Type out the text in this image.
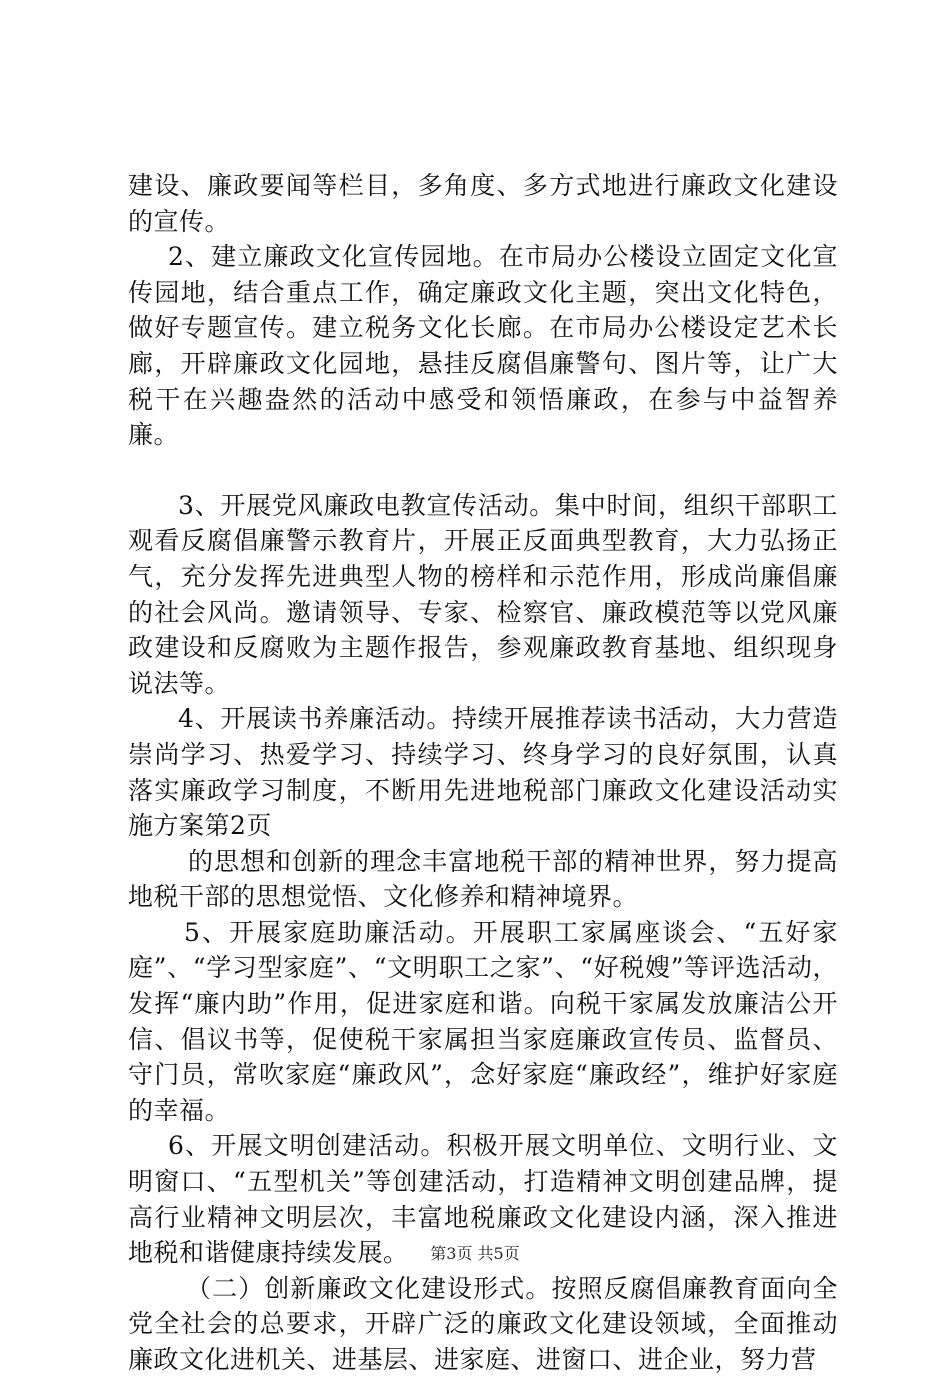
建设、廉政要闻等栏目，多角度、多方式地进行廉政文化建设的宣传。

2、建立廉政文化宣传园地。在市局办公楼设立固定文化宣传园地，结合重点工作，确定廉政文化主题，突出文化特色，做好专题宣传。建立税务文化长廊。在市局办公楼设定艺术长廊，开辟廉政文化园地，悬挂反腐倡廉警句、图片等，让广大税干在兴趣盎然的活动中感受和领悟廉政，在参与中益智养廉。

3、开展党风廉政电教宣传活动。集中时间，组织干部职工观看反腐倡廉警示教育片，开展正反面典型教育，大力弘扬正气，充分发挥先进典型人物的榜样和示范作用，形成尚廉倡廉的社会风尚。邀请领导、专家、检察官、廉政模范等以党风廉政建设和反腐败为主题作报告，参观廉政教育基地、组织现身说法等。

4、开展读书养廉活动。持续开展推荐读书活动，大力营造崇尚学习、热爱学习、持续学习、终身学习的良好氛围，认真落实廉政学习制度，不断用先进地税部门廉政文化建设活动实施方案第2页

的思想和创新的理念丰富地税干部的精神世界，努力提高地税干部的思想觉悟、文化修养和精神境界。

5、开展家庭助廉活动。开展职工家属座谈会、“五好家庭”、“学习型家庭”、“文明职工之家”、“好税嫂”等评选活动，发挥“廉内助”作用，促进家庭和谐。向税干家属发放廉洁公开信、倡议书等，促使税干家属担当家庭廉政宣传员、监督员、守门员，常吹家庭“廉政风”，念好家庭“廉政经”，维护好家庭的幸福。

6、开展文明创建活动。积极开展文明单位、文明行业、文明窗口、“五型机关”等创建活动，打造精神文明创建品牌，提高行业精神文明层次，丰富地税廉政文化建设内涵，深入推进地税和谐健康持续发展。

（二）创新廉政文化建设形式。按照反腐倡廉教育面向全党全社会的总要求，开辟广泛的廉政文化建设领域，全面推动廉政文化进机关、进基层、进家庭、进窗口、进企业，努力营

第3页 共5页
